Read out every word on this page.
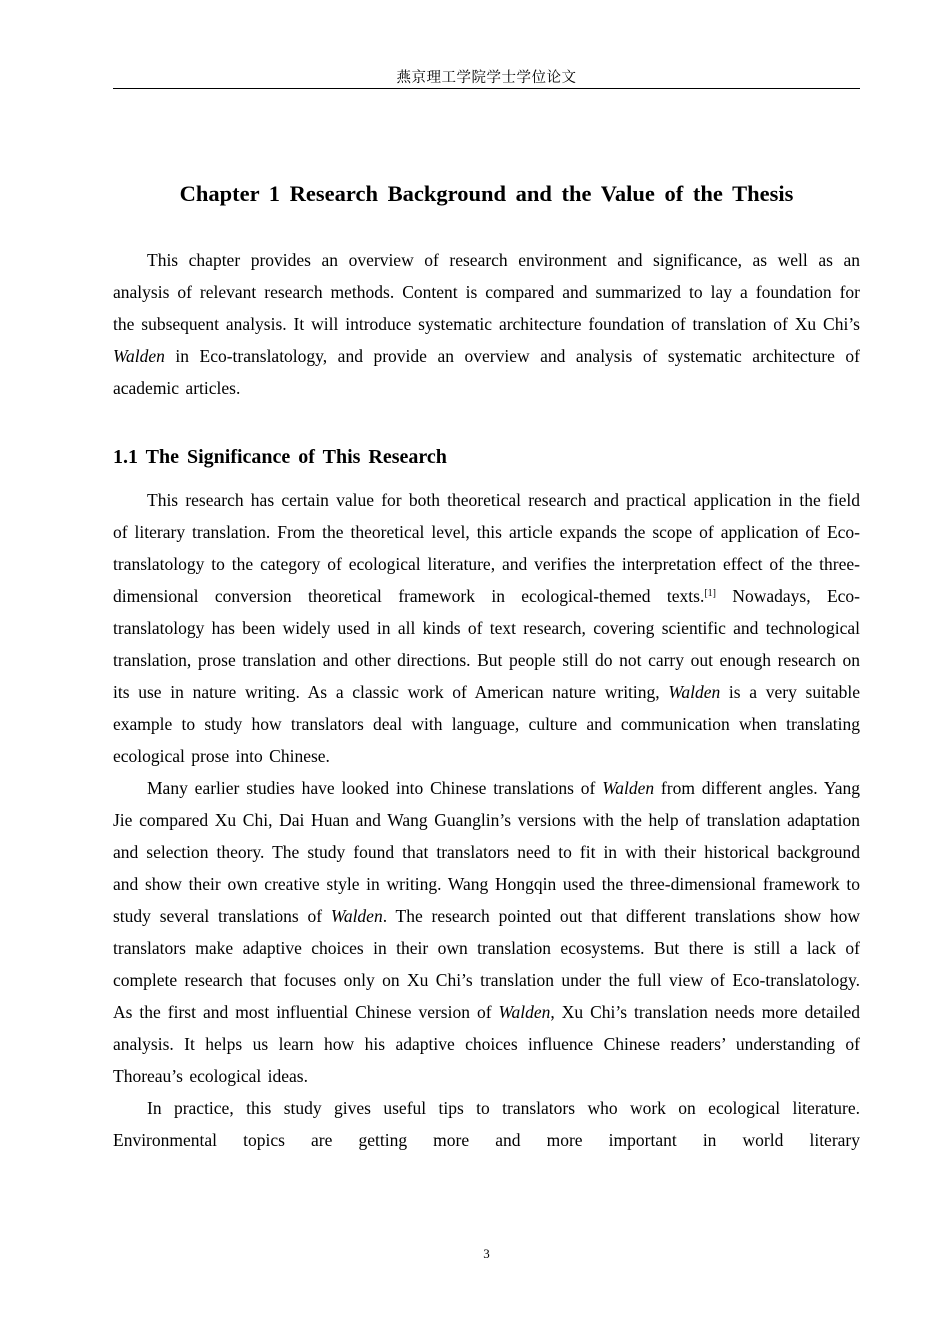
燕京理工学院学士学位论文
Chapter 1 Research Background and the Value of the Thesis

This chapter provides an overview of research environment and significance, as well as an analysis of relevant research methods. Content is compared and summarized to lay a foundation for the subsequent analysis. It will introduce systematic architecture foundation of translation of Xu Chi’s Walden in Eco-translatology, and provide an overview and analysis of systematic architecture of academic articles.

1.1 The Significance of This Research

This research has certain value for both theoretical research and practical application in the field of literary translation. From the theoretical level, this article expands the scope of application of Eco-translatology to the category of ecological literature, and verifies the interpretation effect of the three-dimensional conversion theoretical framework in ecological-themed texts.[1] Nowadays, Eco-translatology has been widely used in all kinds of text research, covering scientific and technological translation, prose translation and other directions. But people still do not carry out enough research on its use in nature writing. As a classic work of American nature writing, Walden is a very suitable example to study how translators deal with language, culture and communication when translating ecological prose into Chinese.

Many earlier studies have looked into Chinese translations of Walden from different angles. Yang Jie compared Xu Chi, Dai Huan and Wang Guanglin’s versions with the help of translation adaptation and selection theory. The study found that translators need to fit in with their historical background and show their own creative style in writing. Wang Hongqin used the three-dimensional framework to study several translations of Walden. The research pointed out that different translations show how translators make adaptive choices in their own translation ecosystems. But there is still a lack of complete research that focuses only on Xu Chi’s translation under the full view of Eco-translatology. As the first and most influential Chinese version of Walden, Xu Chi’s translation needs more detailed analysis. It helps us learn how his adaptive choices influence Chinese readers’ understanding of Thoreau’s ecological ideas.

In practice, this study gives useful tips to translators who work on ecological literature. Environmental topics are getting more and more important in world literary

3
